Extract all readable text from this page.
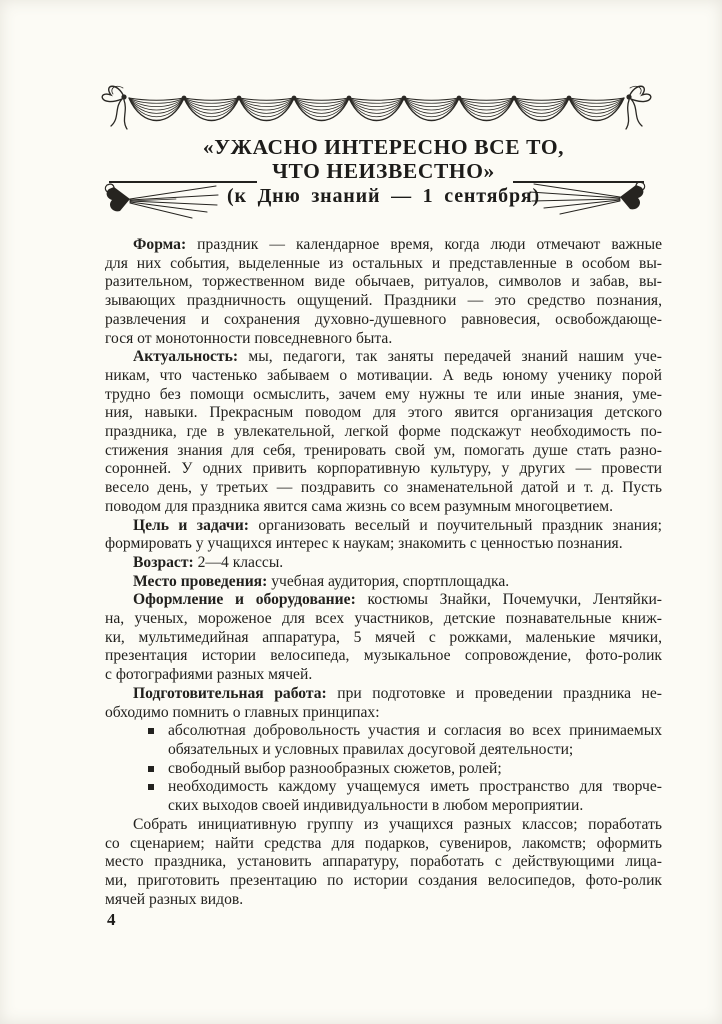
«УЖАСНО ИНТЕРЕСНО ВСЕ ТО,
ЧТО НЕИЗВЕСТНО»
(к Дню знаний — 1 сентября)
Форма: праздник — календарное время, когда люди отмечают важные
для них события, выделенные из остальных и представленные в особом вы-
разительном, торжественном виде обычаев, ритуалов, символов и забав, вы-
зывающих праздничность ощущений. Праздники — это средство познания,
развлечения и сохранения духовно-душевного равновесия, освобождающе-
гося от монотонности повседневного быта.
Актуальность: мы, педагоги, так заняты передачей знаний нашим уче-
никам, что частенько забываем о мотивации. А ведь юному ученику порой
трудно без помощи осмыслить, зачем ему нужны те или иные знания, уме-
ния, навыки. Прекрасным поводом для этого явится организация детского
праздника, где в увлекательной, легкой форме подскажут необходимость по-
стижения знания для себя, тренировать свой ум, помогать душе стать разно-
соронней. У одних привить корпоративную культуру, у других — провести
весело день, у третьих — поздравить со знаменательной датой и т. д. Пусть
поводом для праздника явится сама жизнь со всем разумным многоцветием.
Цель и задачи: организовать веселый и поучительный праздник знания;
формировать у учащихся интерес к наукам; знакомить с ценностью познания.
Возраст: 2—4 классы.
Место проведения: учебная аудитория, спортплощадка.
Оформление и оборудование: костюмы Знайки, Почемучки, Лентяйки-
на, ученых, мороженое для всех участников, детские познавательные книж-
ки, мультимедийная аппаратура, 5 мячей с рожками, маленькие мячики,
презентация истории велосипеда, музыкальное сопровождение, фото-ролик
с фотографиями разных мячей.
Подготовительная работа: при подготовке и проведении праздника не-
обходимо помнить о главных принципах:
абсолютная добровольность участия и согласия во всех принимаемых
обязательных и условных правилах досуговой деятельности;
свободный выбор разнообразных сюжетов, ролей;
необходимость каждому учащемуся иметь пространство для творче-
ских выходов своей индивидуальности в любом мероприятии.
Собрать инициативную группу из учащихся разных классов; поработать
со сценарием; найти средства для подарков, сувениров, лакомств; оформить
место праздника, установить аппаратуру, поработать с действующими лица-
ми, приготовить презентацию по истории создания велосипедов, фото-ролик
мячей разных видов.
4
